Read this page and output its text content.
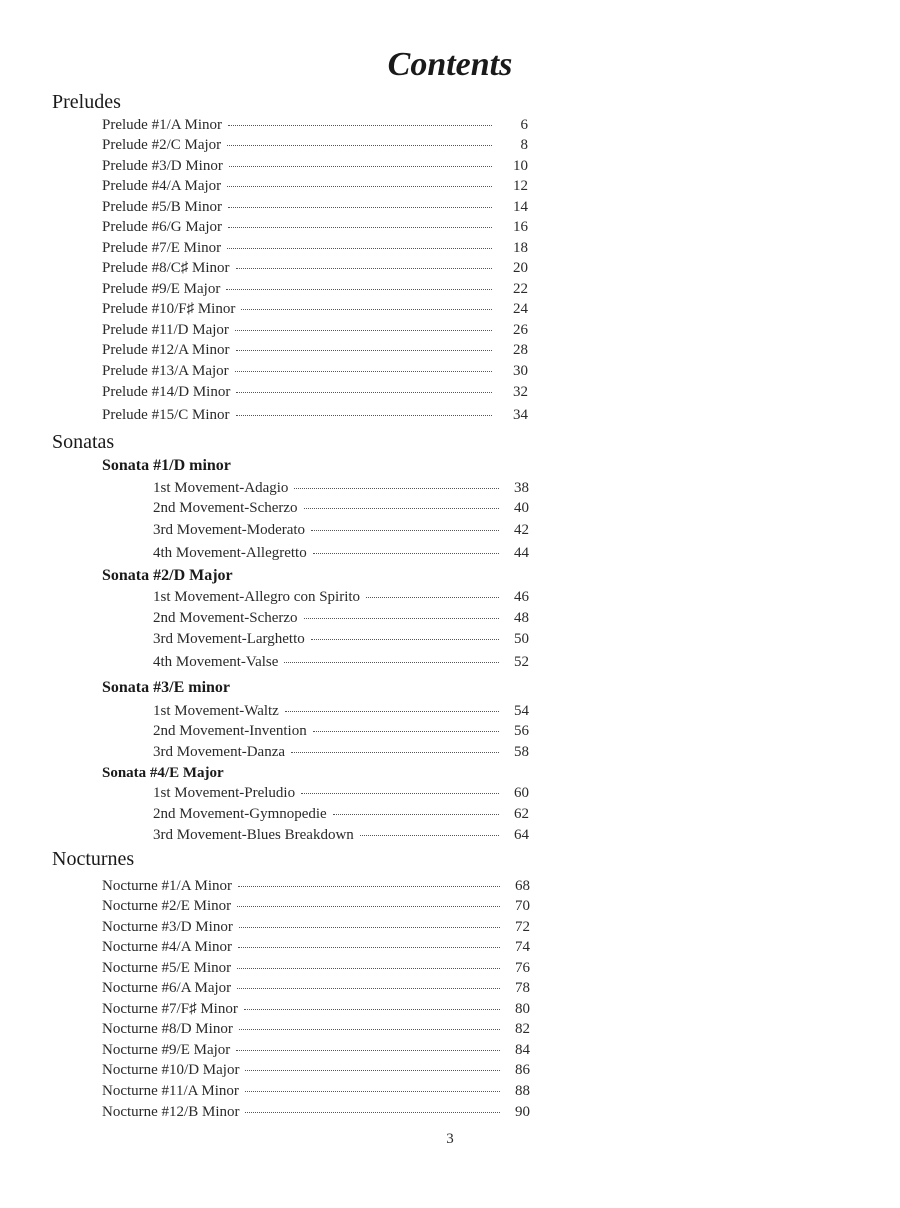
Contents
Preludes
Prelude #1/A Minor	6
Prelude #2/C Major	8
Prelude #3/D Minor	10
Prelude #4/A Major	12
Prelude #5/B Minor	14
Prelude #6/G Major	16
Prelude #7/E Minor	18
Prelude #8/C♯ Minor	20
Prelude #9/E Major	22
Prelude #10/F♯ Minor	24
Prelude #11/D Major	26
Prelude #12/A Minor	28
Prelude #13/A Major	30
Prelude #14/D Minor	32
Prelude #15/C Minor	34
Sonatas
Sonata #1/D minor
1st Movement-Adagio	38
2nd Movement-Scherzo	40
3rd Movement-Moderato	42
4th Movement-Allegretto	44
Sonata #2/D Major
1st Movement-Allegro con Spirito	46
2nd Movement-Scherzo	48
3rd Movement-Larghetto	50
4th Movement-Valse	52
Sonata #3/E minor
1st Movement-Waltz	54
2nd Movement-Invention	56
3rd Movement-Danza	58
Sonata #4/E Major
1st Movement-Preludio	60
2nd Movement-Gymnopedie	62
3rd Movement-Blues Breakdown	64
Nocturnes
Nocturne #1/A Minor	68
Nocturne #2/E Minor	70
Nocturne #3/D Minor	72
Nocturne #4/A Minor	74
Nocturne #5/E Minor	76
Nocturne #6/A Major	78
Nocturne #7/F♯ Minor	80
Nocturne #8/D Minor	82
Nocturne #9/E Major	84
Nocturne #10/D Major	86
Nocturne #11/A Minor	88
Nocturne #12/B Minor	90
3
